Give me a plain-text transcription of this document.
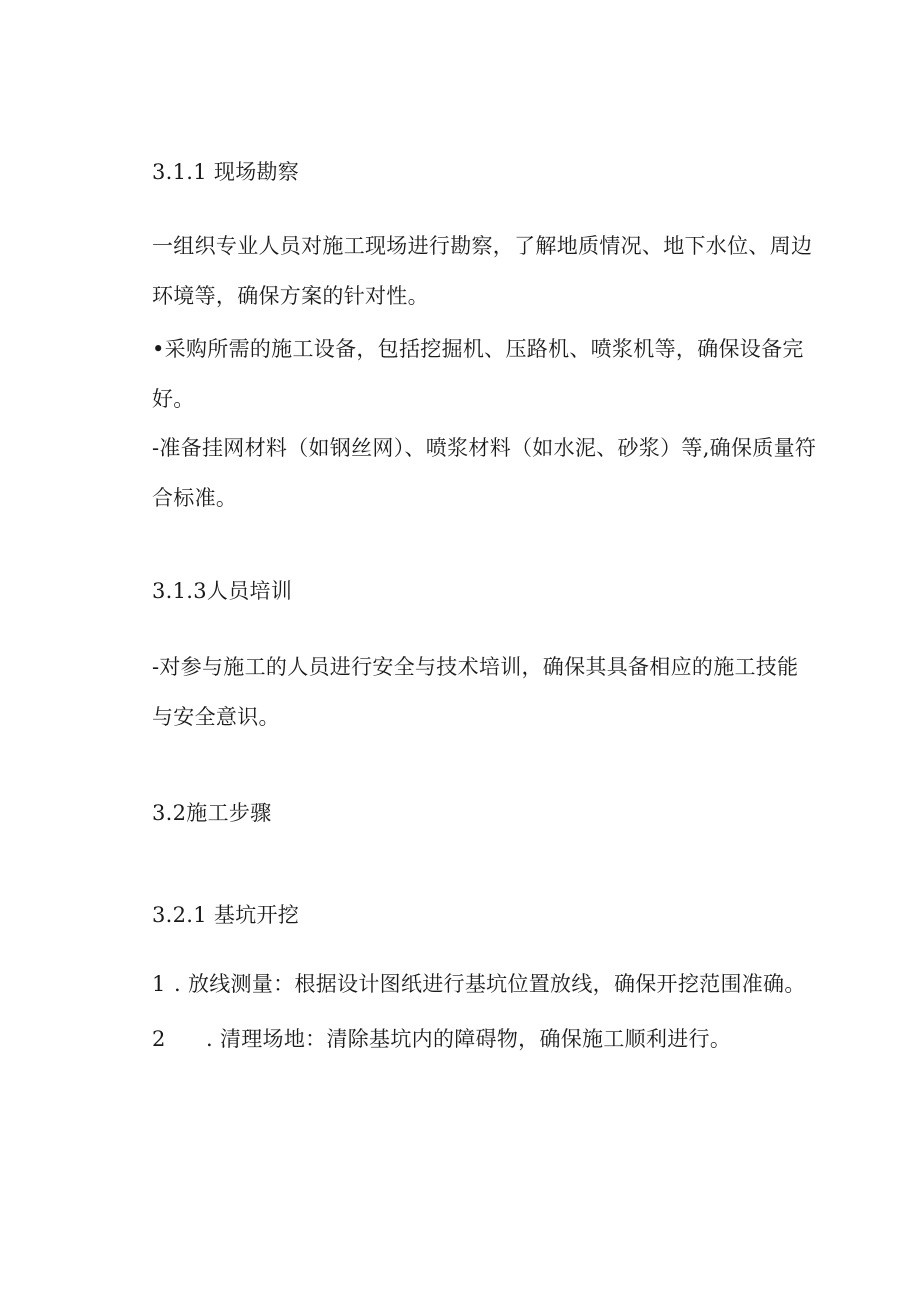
3.1.1 现场勘察
一组织专业人员对施工现场进行勘察，了解地质情况、地下水位、周边环境等，确保方案的针对性。
•采购所需的施工设备，包括挖掘机、压路机、喷浆机等，确保设备完好。
-准备挂网材料（如钢丝网）、喷浆材料（如水泥、砂浆）等,确保质量符合标准。
3.1.3人员培训
-对参与施工的人员进行安全与技术培训，确保其具备相应的施工技能与安全意识。
3.2施工步骤
3.2.1 基坑开挖
1 . 放线测量：根据设计图纸进行基坑位置放线，确保开挖范围准确。
2 . 清理场地：清除基坑内的障碍物，确保施工顺利进行。
